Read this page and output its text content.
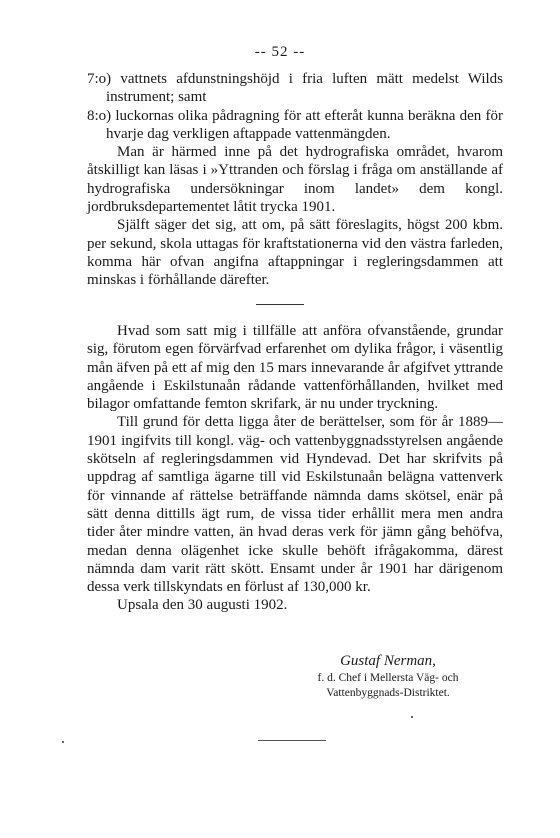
-- 52 --

7:o) vattnets afdunstningshöjd i fria luften mätt medelst Wilds instrument; samt

8:o) luckornas olika pådragning för att efteråt kunna beräkna den för hvarje dag verkligen aftappade vattenmängden.

Man är härmed inne på det hydrografiska området, hvarom åtskilligt kan läsas i »Yttranden och förslag i fråga om anställande af hydrografiska undersökningar inom landet» dem kongl. jordbruksdepartementet låtit trycka 1901.

Själft säger det sig, att om, på sätt föreslagits, högst 200 kbm. per sekund, skola uttagas för kraftstationerna vid den västra farleden, komma här ofvan angifna aftappningar i regleringsdammen att minskas i förhållande därefter.

Hvad som satt mig i tillfälle att anföra ofvanstående, grundar sig, förutom egen förvärfvad erfarenhet om dylika frågor, i väsentlig mån äfven på ett af mig den 15 mars innevarande år afgifvet yttrande angående i Eskilstunaån rådande vattenförhållanden, hvilket med bilagor omfattande femton skrifark, är nu under tryckning.

Till grund för detta ligga åter de berättelser, som för år 1889—1901 ingifvits till kongl. väg- och vattenbyggnadsstyrelsen angående skötseln af regleringsdammen vid Hyndevad. Det har skrifvits på uppdrag af samtliga ägarne till vid Eskilstunaån belägna vattenverk för vinnande af rättelse beträffande nämnda dams skötsel, enär på sätt denna dittills ägt rum, de vissa tider erhållit mera men andra tider åter mindre vatten, än hvad deras verk för jämn gång behöfva, medan denna olägenhet icke skulle behöft ifrågakomma, därest nämnda dam varit rätt skött. Ensamt under år 1901 har därigenom dessa verk tillskyndats en förlust af 130,000 kr.

Upsala den 30 augusti 1902.

Gustaf Nerman,
f. d. Chef i Mellersta Väg- och
Vattenbyggnads-Distriktet.
